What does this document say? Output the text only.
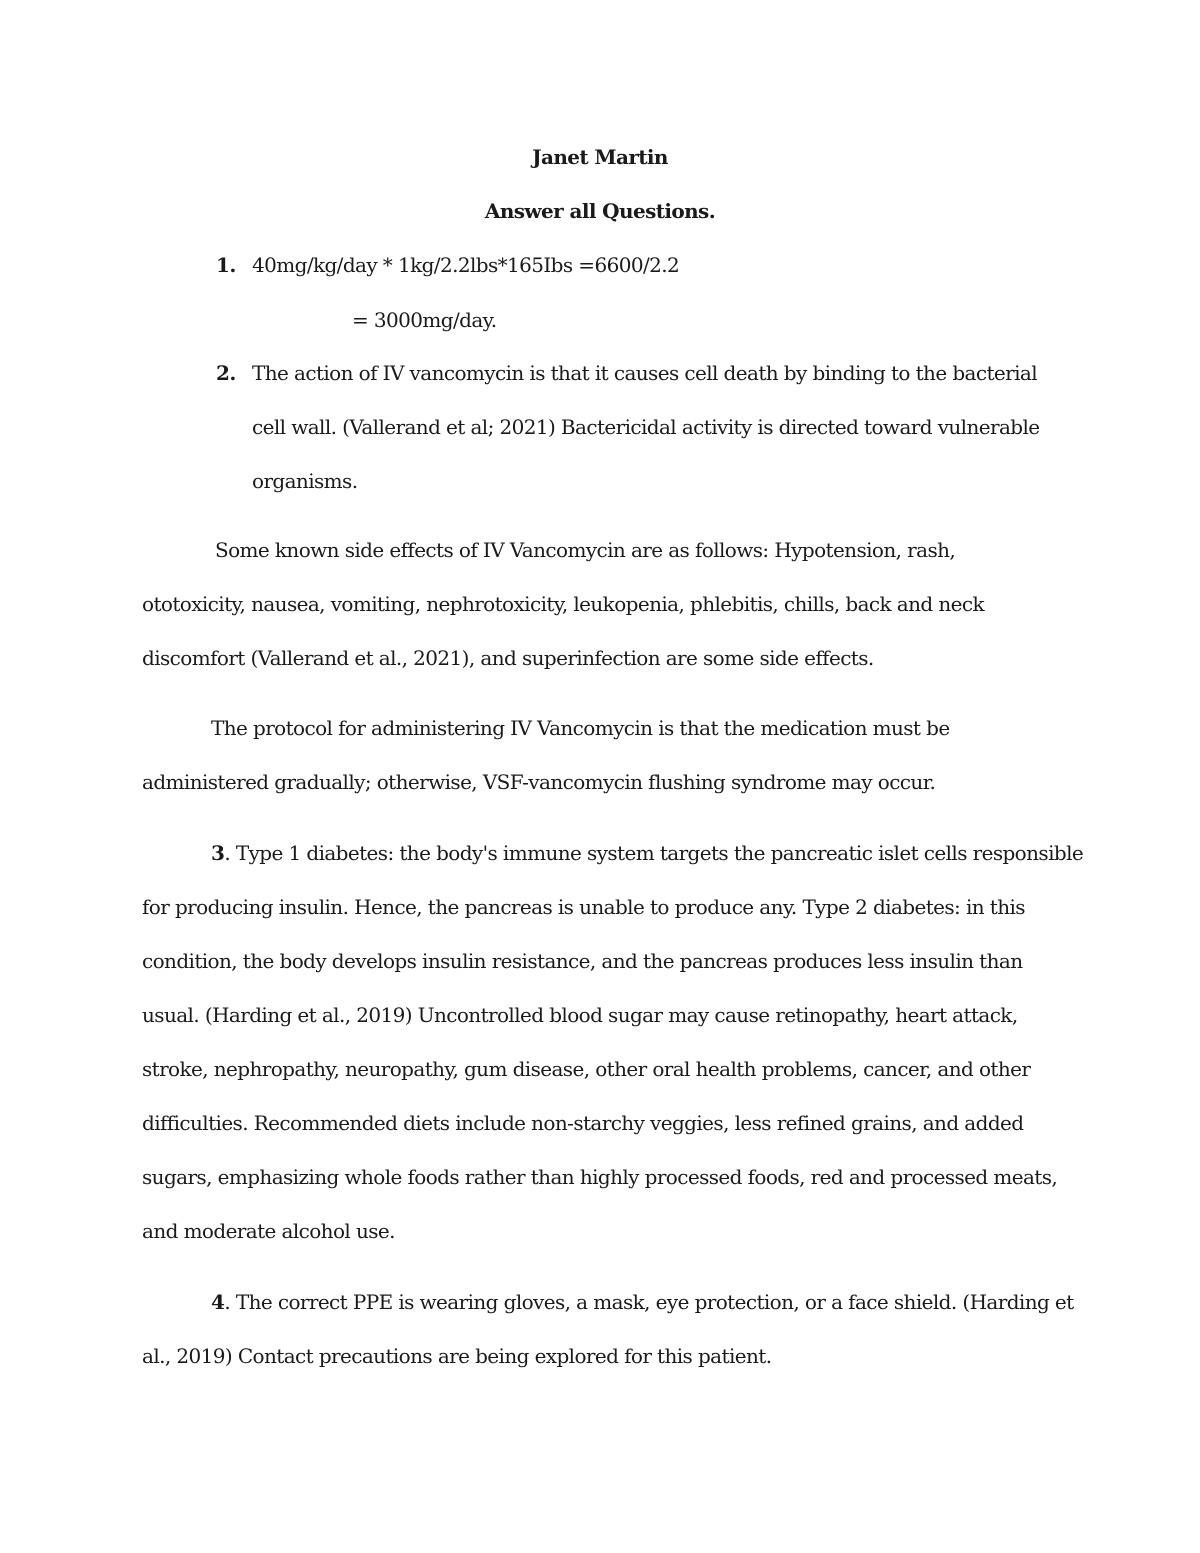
Janet Martin
Answer all Questions.
1. 40mg/kg/day * 1kg/2.2lbs*165Ibs =6600/2.2
= 3000mg/day.
2. The action of IV vancomycin is that it causes cell death by binding to the bacterial
cell wall. (Vallerand et al; 2021) Bactericidal activity is directed toward vulnerable
organisms.
Some known side effects of IV Vancomycin are as follows: Hypotension, rash,
ototoxicity, nausea, vomiting, nephrotoxicity, leukopenia, phlebitis, chills, back and neck
discomfort (Vallerand et al., 2021), and superinfection are some side effects.
The protocol for administering IV Vancomycin is that the medication must be
administered gradually; otherwise, VSF-vancomycin flushing syndrome may occur.
3. Type 1 diabetes: the body's immune system targets the pancreatic islet cells responsible
for producing insulin. Hence, the pancreas is unable to produce any. Type 2 diabetes: in this
condition, the body develops insulin resistance, and the pancreas produces less insulin than
usual. (Harding et al., 2019) Uncontrolled blood sugar may cause retinopathy, heart attack,
stroke, nephropathy, neuropathy, gum disease, other oral health problems, cancer, and other
difficulties. Recommended diets include non-starchy veggies, less refined grains, and added
sugars, emphasizing whole foods rather than highly processed foods, red and processed meats,
and moderate alcohol use.
4. The correct PPE is wearing gloves, a mask, eye protection, or a face shield. (Harding et
al., 2019) Contact precautions are being explored for this patient.
